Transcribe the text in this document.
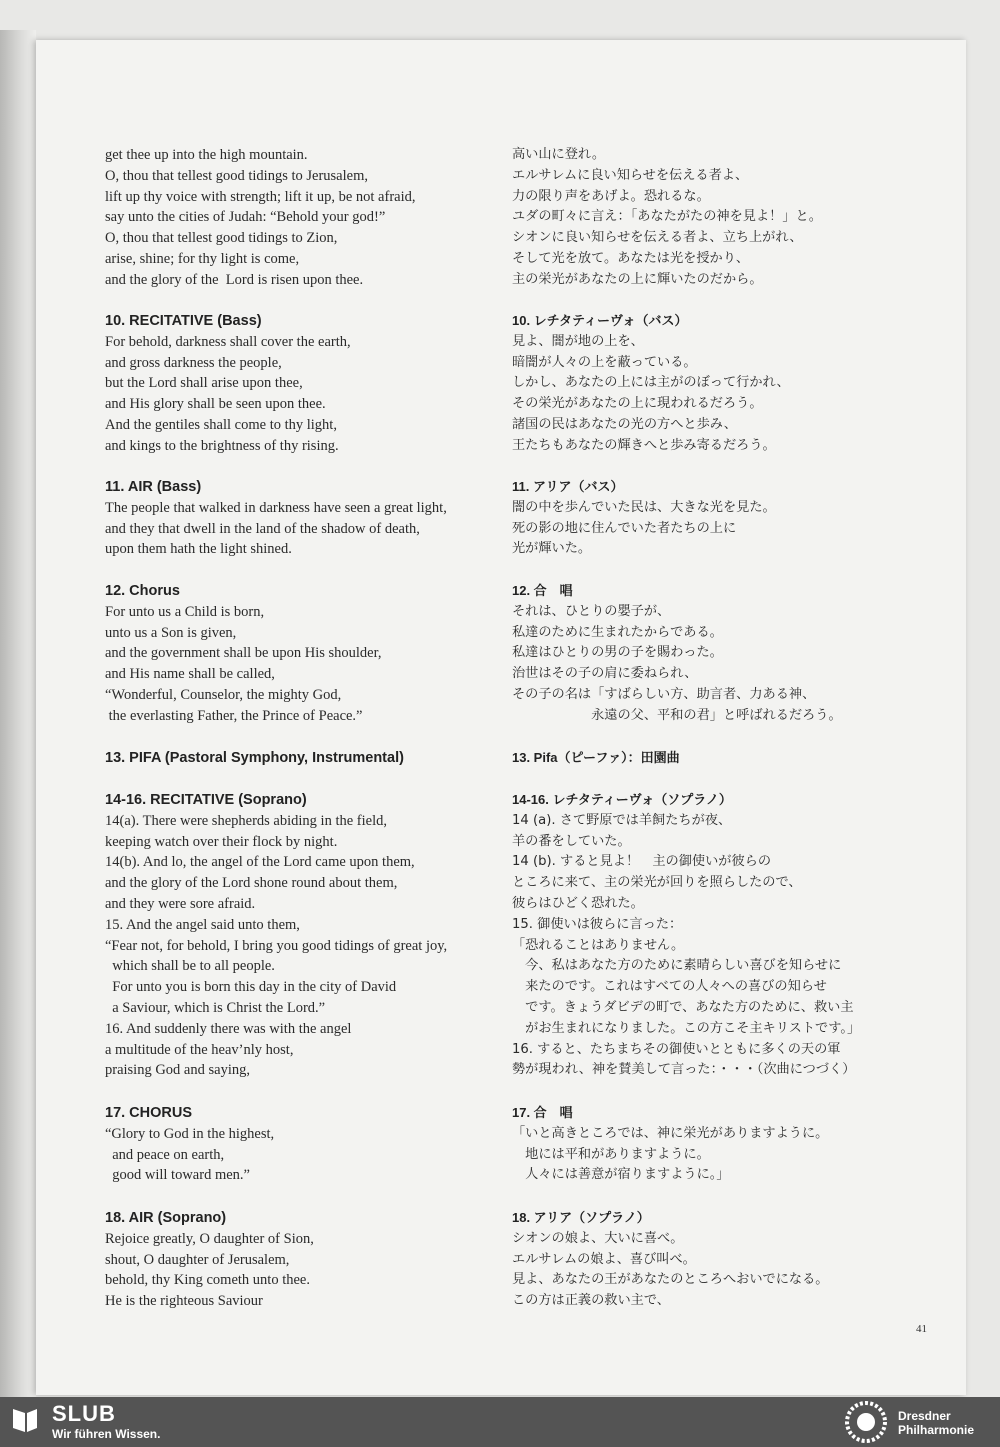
get thee up into the high mountain.
O, thou that tellest good tidings to Jerusalem,
lift up thy voice with strength; lift it up, be not afraid,
say unto the cities of Judah: “Behold your god!”
O, thou that tellest good tidings to Zion,
arise, shine; for thy light is come,
and the glory of the  Lord is risen upon thee.
10. RECITATIVE (Bass)
For behold, darkness shall cover the earth,
and gross darkness the people,
but the Lord shall arise upon thee,
and His glory shall be seen upon thee.
And the gentiles shall come to thy light,
and kings to the brightness of thy rising.
11. AIR (Bass)
The people that walked in darkness have seen a great light,
and they that dwell in the land of the shadow of death,
upon them hath the light shined.
12. Chorus
For unto us a Child is born,
unto us a Son is given,
and the government shall be upon His shoulder,
and His name shall be called,
“Wonderful, Counselor, the mighty God,
the everlasting Father, the Prince of Peace.”
13. PIFA (Pastoral Symphony, Instrumental)
14-16. RECITATIVE (Soprano)
14(a). There were shepherds abiding in the field,
keeping watch over their flock by night.
14(b). And lo, the angel of the Lord came upon them,
and the glory of the Lord shone round about them,
and they were sore afraid.
15. And the angel said unto them,
“Fear not, for behold, I bring you good tidings of great joy,
which shall be to all people.
For unto you is born this day in the city of David
a Saviour, which is Christ the Lord.”
16. And suddenly there was with the angel
a multitude of the heav’nly host,
praising God and saying,
17. CHORUS
“Glory to God in the highest,
and peace on earth,
good will toward men.”
18. AIR (Soprano)
Rejoice greatly, O daughter of Sion,
shout, O daughter of Jerusalem,
behold, thy King cometh unto thee.
He is the righteous Saviour
高い山に登れ。
エルサレムに良い知らせを伝える者よ、
力の限り声をあげよ。恐れるな。
ユダの町々に言え：「あなたがたの神を見よ！」と。
シオンに良い知らせを伝える者よ、立ち上がれ、
そして光を放て。あなたは光を授かり、
主の栄光があなたの上に輝いたのだから。
10. レチタティーヴォ（バス）
見よ、闇が地の上を、
暗闇が人々の上を蔽っている。
しかし、あなたの上には主がのぼって行かれ、
その栄光があなたの上に現われるだろう。
諸国の民はあなたの光の方へと歩み、
王たちもあなたの輝きへと歩み寄るだろう。
11. アリア（バス）
闇の中を歩んでいた民は、大きな光を見た。
死の影の地に住んでいた者たちの上に
光が輝いた。
12. 合　唱
それは、ひとりの嬰子が、
私達のために生まれたからである。
私達はひとりの男の子を賜わった。
治世はその子の肩に委ねられ、
その子の名は「すばらしい方、助言者、力ある神、
　　　　　　永遠の父、平和の君」と呼ばれるだろう。
13. Pifa（ピーファ）：田園曲
14-16. レチタティーヴォ（ソプラノ）
14 (a). さて野原では羊飼たちが夜、
羊の番をしていた。
14 (b). すると見よ！　主の御使いが彼らの
ところに来て、主の栄光が回りを照らしたので、
彼らはひどく恐れた。
15. 御使いは彼らに言った：
「恐れることはありません。
　今、私はあなた方のために素晴らしい喜びを知らせに
　来たのです。これはすべての人々への喜びの知らせ
　です。きょうダビデの町で、あなた方のために、救い主
　がお生まれになりました。この方こそ主キリストです。」
16. すると、たちまちその御使いとともに多くの天の軍
勢が現われ、神を賛美して言った：・・・（次曲につづく）
17. 合　唱
「いと高きところでは、神に栄光がありますように。
　地には平和がありますように。
　人々には善意が宿りますように。」
18. アリア（ソプラノ）
シオンの娘よ、大いに喜べ。
エルサレムの娘よ、喜び叫べ。
見よ、あなたの王があなたのところへおいでになる。
この方は正義の救い主で、
41
SLUB
Wir führen Wissen.
Dresdner
Philharmonie
